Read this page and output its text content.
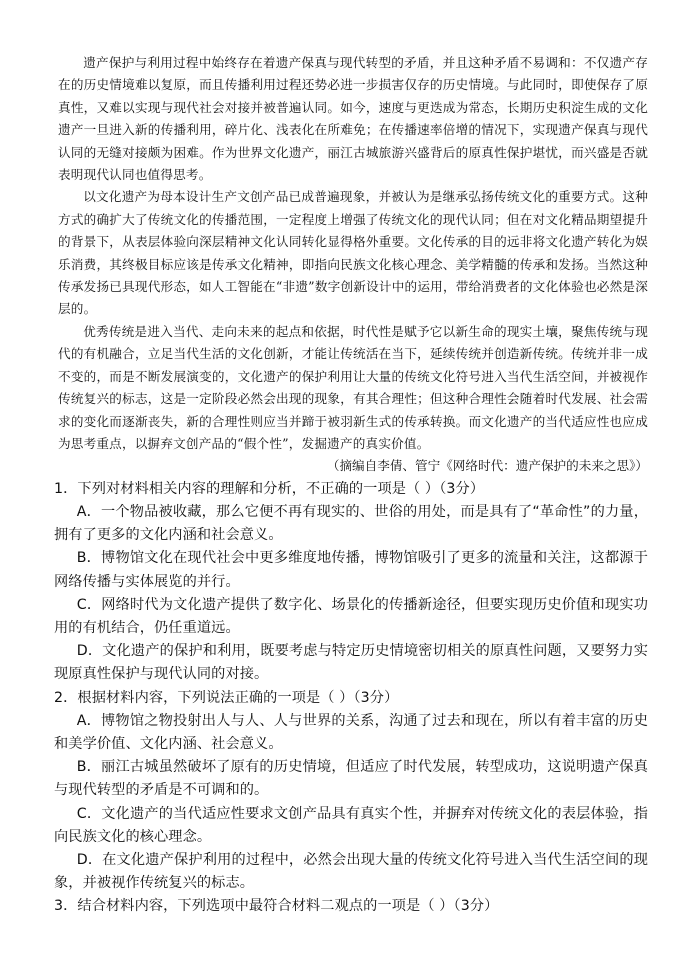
遗产保护与利用过程中始终存在着遗产保真与现代转型的矛盾，并且这种矛盾不易调和：不仅遗产存在的历史情境难以复原，而且传播利用过程还势必进一步损害仅存的历史情境。与此同时，即使保存了原真性，又难以实现与现代社会对接并被普遍认同。如今，速度与更迭成为常态，长期历史积淀生成的文化遗产一旦进入新的传播利用，碎片化、浅表化在所难免；在传播速率倍增的情况下，实现遗产保真与现代认同的无缝对接颇为困难。作为世界文化遗产，丽江古城旅游兴盛背后的原真性保护堪忧，而兴盛是否就表明现代认同也值得思考。

以文化遗产为母本设计生产文创产品已成普遍现象，并被认为是继承弘扬传统文化的重要方式。这种方式的确扩大了传统文化的传播范围，一定程度上增强了传统文化的现代认同；但在对文化精品期望提升的背景下，从表层体验向深层精神文化认同转化显得格外重要。文化传承的目的远非将文化遗产转化为娱乐消费，其终极目标应该是传承文化精神，即指向民族文化核心理念、美学精髓的传承和发扬。当然这种传承发扬已具现代形态，如人工智能在“非遗”数字创新设计中的运用，带给消费者的文化体验也必然是深层的。

优秀传统是进入当代、走向未来的起点和依据，时代性是赋予它以新生命的现实土壤，聚焦传统与现代的有机融合，立足当代生活的文化创新，才能让传统活在当下，延续传统并创造新传统。传统并非一成不变的，而是不断发展演变的，文化遗产的保护利用让大量的传统文化符号进入当代生活空间，并被视作传统复兴的标志，这是一定阶段必然会出现的现象，有其合理性；但这种合理性会随着时代发展、社会需求的变化而逐渐丧失，新的合理性则应当并蹄于被羽新生式的传承转换。而文化遗产的当代适应性也应成为思考重点，以摒弃文创产品的“假个性”，发掘遗产的真实价值。

（摘编自李倩、管宁《网络时代：遗产保护的未来之思》）

1．下列对材料相关内容的理解和分析，不正确的一项是（ ）（3分）

A．一个物品被收藏，那么它便不再有现实的、世俗的用处，而是具有了“革命性”的力量，拥有了更多的文化内涵和社会意义。

B．博物馆文化在现代社会中更多维度地传播，博物馆吸引了更多的流量和关注，这都源于网络传播与实体展览的并行。

C．网络时代为文化遗产提供了数字化、场景化的传播新途径，但要实现历史价值和现实功用的有机结合，仍任重道远。

D．文化遗产的保护和利用，既要考虑与特定历史情境密切相关的原真性问题，又要努力实现原真性保护与现代认同的对接。

2．根据材料内容，下列说法正确的一项是（ ）（3分）

A．博物馆之物投射出人与人、人与世界的关系，沟通了过去和现在，所以有着丰富的历史和美学价值、文化内涵、社会意义。

B．丽江古城虽然破坏了原有的历史情境，但适应了时代发展，转型成功，这说明遗产保真与现代转型的矛盾是不可调和的。

C．文化遗产的当代适应性要求文创产品具有真实个性，并摒弃对传统文化的表层体验，指向民族文化的核心理念。

D．在文化遗产保护利用的过程中，必然会出现大量的传统文化符号进入当代生活空间的现象，并被视作传统复兴的标志。

3．结合材料内容，下列选项中最符合材料二观点的一项是（ ）（3分）
